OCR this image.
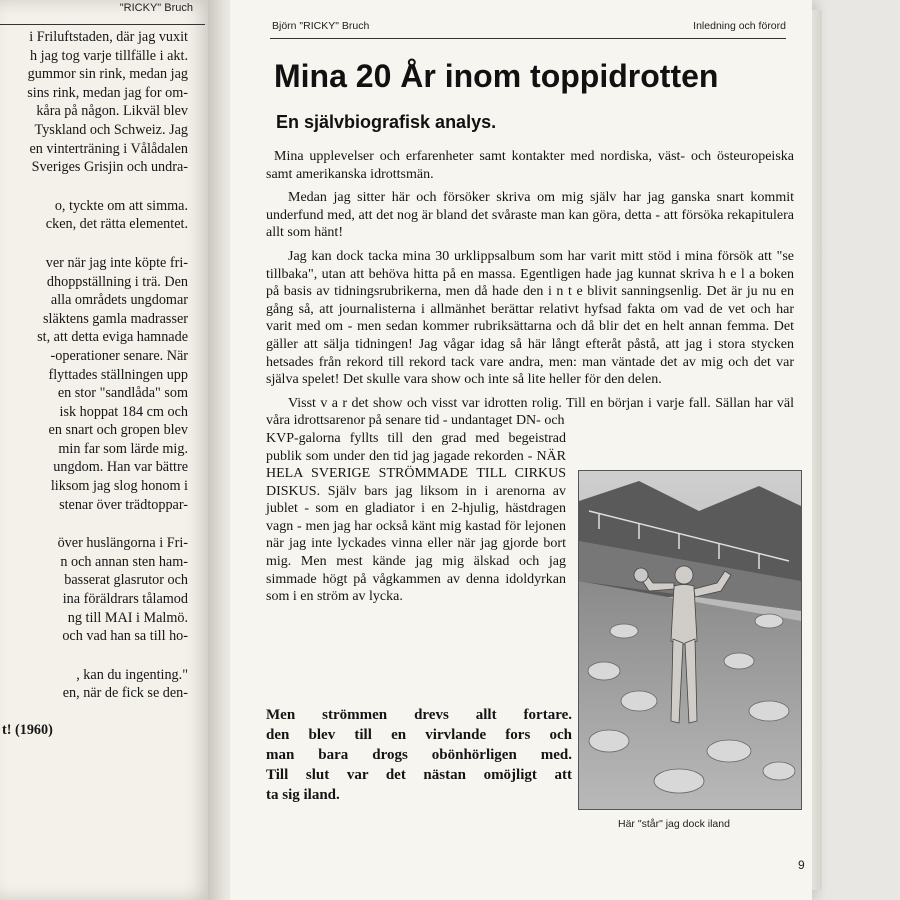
"RICKY" Bruch
i Friluftstaden, där jag vuxit
h jag tog varje tillfälle i akt.
gummor sin rink, medan jag
sins rink, medan jag for om-
kåra på någon. Likväl blev
Tyskland och Schweiz. Jag
en vinterträning i Vålådalen
Sveriges Grisjin och undra-
o, tyckte om att simma.
cken, det rätta elementet.
ver när jag inte köpte fri-
dhoppställning i trä. Den
alla områdets ungdomar
släktens gamla madrasser
st, att detta eviga hamnade
-operationer senare. När
flyttades ställningen upp
en stor "sandlåda" som
isk hoppat 184 cm och
en snart och gropen blev
min far som lärde mig.
ungdom. Han var bättre
liksom jag slog honom i
stenar över trädtoppar-
över huslängorna i Fri-
n och annan sten ham-
basserat glasrutor och
ina föräldrars tålamod
ng till MAI i Malmö.
och vad han sa till ho-
, kan du ingenting."
en, när de fick se den-
t! (1960)
Björn "RICKY" Bruch	Inledning och förord
Mina 20 År inom toppidrotten
En självbiografisk analys.

Mina upplevelser och erfarenheter samt kontakter med nordiska, väst- och östeuropeiska samt amerikanska idrottsmän.

Medan jag sitter här och försöker skriva om mig själv har jag ganska snart kommit underfund med, att det nog är bland det svåraste man kan göra, detta - att försöka rekapitulera allt som hänt!

Jag kan dock tacka mina 30 urklippsalbum som har varit mitt stöd i mina försök att "se tillbaka", utan att behöva hitta på en massa. Egentligen hade jag kunnat skriva h e l a boken på basis av tidningsrubrikerna, men då hade den i n t e blivit sanningsenlig. Det är ju nu en gång så, att journalisterna i allmänhet berättar relativt hyfsad fakta om vad de vet och har varit med om - men sedan kommer rubriksättarna och då blir det en helt annan femma. Det gäller att sälja tidningen! Jag vågar idag så här långt efteråt påstå, att jag i stora stycken hetsades från rekord till rekord tack vare andra, men: man väntade det av mig och det var själva spelet! Det skulle vara show och inte så lite heller för den delen.

Visst v a r det show och visst var idrotten rolig. Till en början i varje fall. Sällan har väl våra idrottsarenor på senare tid - undantaget DN- och

KVP-galorna fyllts till den grad med begeistrad publik som under den tid jag jagade rekorden - NÄR HELA SVERIGE STRÖMMADE TILL CIRKUS DISKUS. Själv bars jag liksom in i arenorna av jublet - som en gladiator i en 2-hjulig, hästdragen vagn - men jag har också känt mig kastad för lejonen när jag inte lyckades vinna eller när jag gjorde bort mig. Men mest kände jag mig älskad och jag simmade högt på vågkammen av denna idoldyrkan som i en ström av lycka.

Här "står" jag dock iland
Men strömmen drevs allt fortare.
den blev till en virvlande fors och
man bara drogs obönhörligen med.
Till slut var det nästan omöjligt att
ta sig iland.
9
